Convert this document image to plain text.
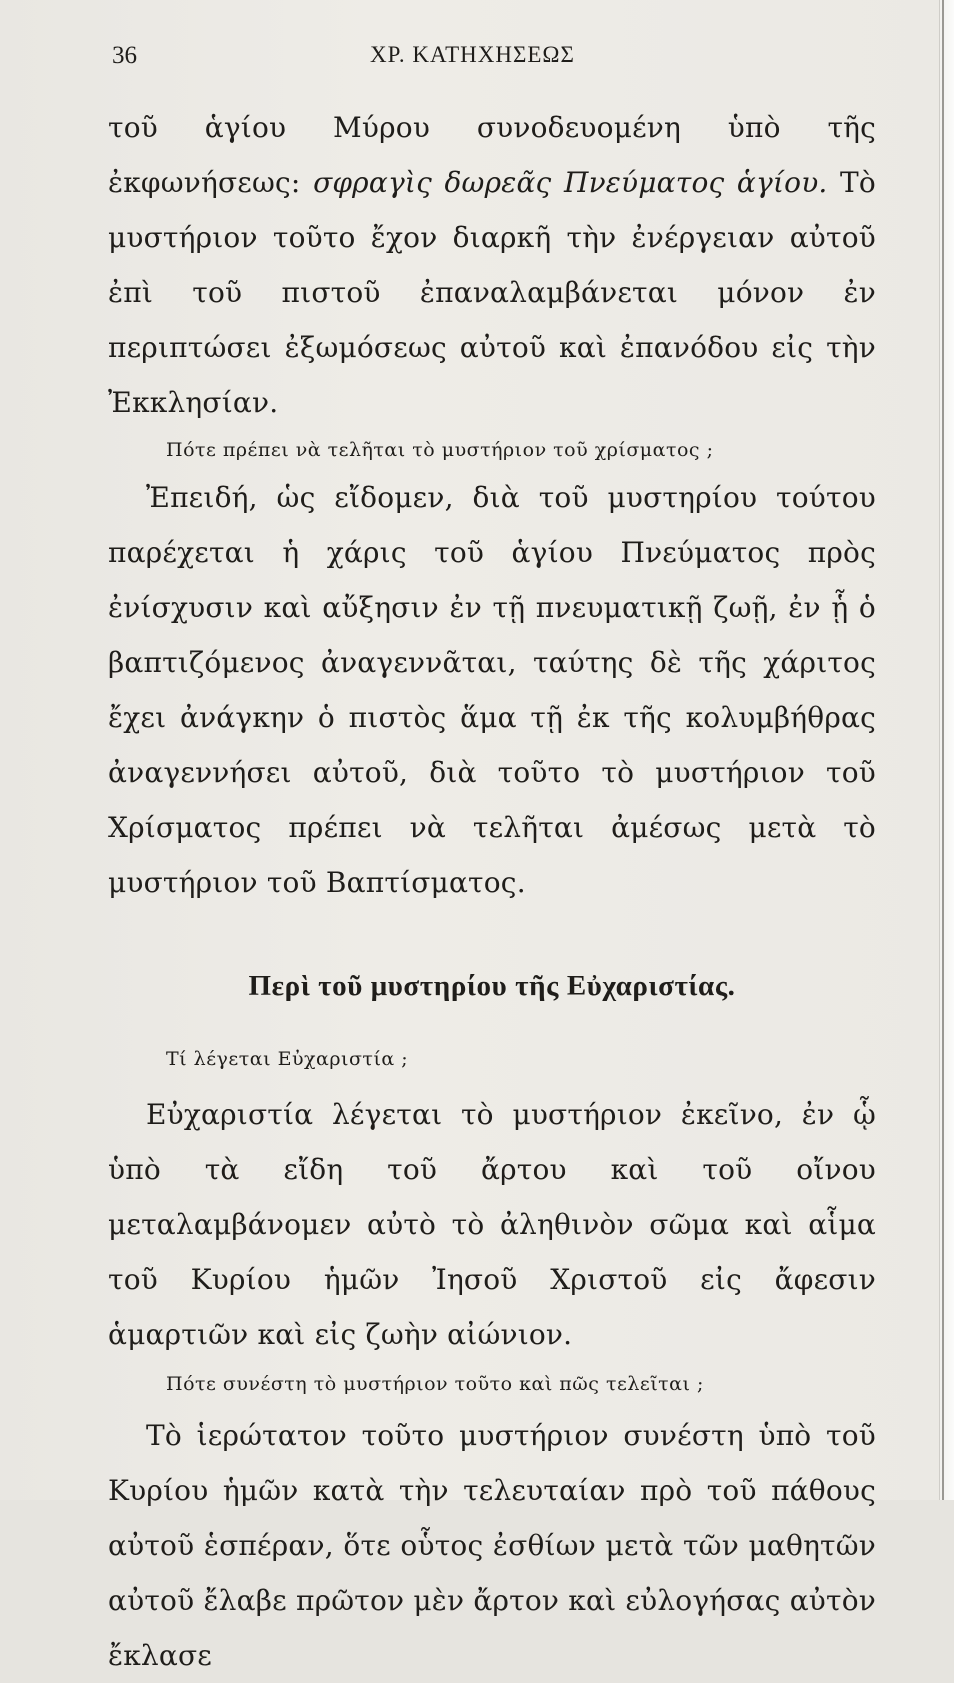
36	ΧΡ. ΚΑΤΗΧΗΣΕΩΣ

τοῦ ἁγίου Μύρου συνοδευομένη ὑπὸ τῆς ἐκφωνήσεως: σφραγὶς δωρεᾶς Πνεύματος ἁγίου. Τὸ μυστήριον τοῦτο ἔχον διαρκῆ τὴν ἐνέργειαν αὐτοῦ ἐπὶ τοῦ πιστοῦ ἐπαναλαμβάνεται μόνον ἐν περιπτώσει ἐξωμόσεως αὐτοῦ καὶ ἐπανόδου εἰς τὴν Ἐκκλησίαν.

Πότε πρέπει νὰ τελῆται τὸ μυστήριον τοῦ χρίσματος ;

Ἐπειδή, ὡς εἴδομεν, διὰ τοῦ μυστηρίου τούτου παρέχεται ἡ χάρις τοῦ ἁγίου Πνεύματος πρὸς ἐνίσχυσιν καὶ αὔξησιν ἐν τῇ πνευματικῇ ζωῇ, ἐν ᾗ ὁ βαπτιζόμενος ἀναγεννᾶται, ταύτης δὲ τῆς χάριτος ἔχει ἀνάγκην ὁ πιστὸς ἅμα τῇ ἐκ τῆς κολυμβήθρας ἀναγεννήσει αὐτοῦ, διὰ τοῦτο τὸ μυστήριον τοῦ Χρίσματος πρέπει νὰ τελῆται ἀμέσως μετὰ τὸ μυστήριον τοῦ Βαπτίσματος.

Περὶ τοῦ μυστηρίου τῆς Εὐχαριστίας.

Τί λέγεται Εὐχαριστία ;

Εὐχαριστία λέγεται τὸ μυστήριον ἐκεῖνο, ἐν ᾧ ὑπὸ τὰ εἴδη τοῦ ἄρτου καὶ τοῦ οἴνου μεταλαμβάνομεν αὐτὸ τὸ ἀληθινὸν σῶμα καὶ αἷμα τοῦ Κυρίου ἡμῶν Ἰησοῦ Χριστοῦ εἰς ἄφεσιν ἁμαρτιῶν καὶ εἰς ζωὴν αἰώνιον.

Πότε συνέστη τὸ μυστήριον τοῦτο καὶ πῶς τελεῖται ;

Τὸ ἱερώτατον τοῦτο μυστήριον συνέστη ὑπὸ τοῦ Κυρίου ἡμῶν κατὰ τὴν τελευταίαν πρὸ τοῦ πάθους αὐτοῦ ἑσπέραν, ὅτε οὗτος ἐσθίων μετὰ τῶν μαθητῶν αὐτοῦ ἔλαβε πρῶτον μὲν ἄρτον καὶ εὐλογήσας αὐτὸν ἔκλασε
